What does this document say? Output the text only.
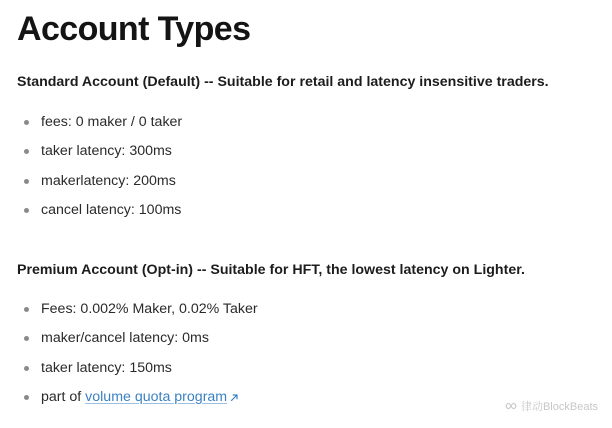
Account Types
Standard Account (Default) -- Suitable for retail and latency insensitive traders.
fees: 0 maker / 0 taker
taker latency: 300ms
makerlatency: 200ms
cancel latency: 100ms
Premium Account (Opt-in) -- Suitable for HFT, the lowest latency on Lighter.
Fees: 0.002% Maker, 0.02% Taker
maker/cancel latency: 0ms
taker latency: 150ms
part of volume quota program
律动BlockBeats
